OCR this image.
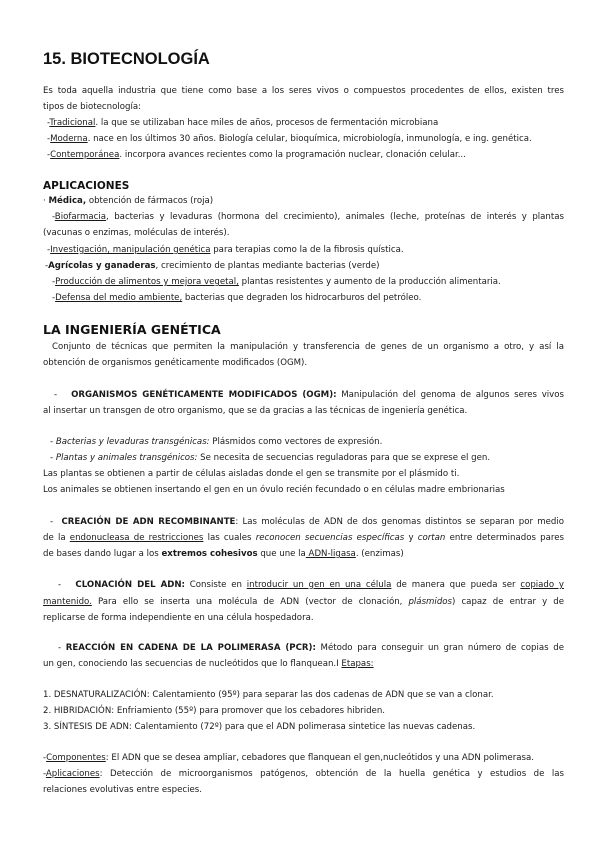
15. BIOTECNOLOGÍA
Es toda aquella industria que tiene como base a los seres vivos o compuestos procedentes de ellos, existen tres
tipos de biotecnología:
-Tradicional. la que se utilizaban hace miles de años, procesos de fermentación microbiana
-Moderna. nace en los últimos 30 años. Biología celular, bioquímica, microbiología, inmunología, e ing. genética.
-Contemporánea. incorpora avances recientes como la programación nuclear, clonación celular...
APLICACIONES
· Médica, obtención de fármacos (roja)
-Biofarmacia, bacterias y levaduras (hormona del crecimiento), animales (leche, proteínas de interés y plantas
(vacunas o enzimas, moléculas de interés).
-Investigación, manipulación genética para terapias como la de la fibrosis quística.
-Agrícolas y ganaderas, crecimiento de plantas mediante bacterias (verde)
-Producción de alimentos y mejora vegetal, plantas resistentes y aumento de la producción alimentaria.
-Defensa del medio ambiente, bacterias que degraden los hidrocarburos del petróleo.
LA INGENIERÍA GENÉTICA
Conjunto de técnicas que permiten la manipulación y transferencia de genes de un organismo a otro, y así la
obtención de organismos genéticamente modificados (OGM).
- ORGANISMOS GENÉTICAMENTE MODIFICADOS (OGM): Manipulación del genoma de algunos seres vivos
al insertar un transgen de otro organismo, que se da gracias a las técnicas de ingeniería genética.
- Bacterias y levaduras transgénicas: Plásmidos como vectores de expresión.
- Plantas y animales transgénicos: Se necesita de secuencias reguladoras para que se exprese el gen.
Las plantas se obtienen a partir de células aisladas donde el gen se transmite por el plásmido ti.
Los animales se obtienen insertando el gen en un óvulo recién fecundado o en células madre embrionarias
- CREACIÓN DE ADN RECOMBINANTE: Las moléculas de ADN de dos genomas distintos se separan por medio
de la endonucleasa de restricciones las cuales reconocen secuencias específicas y cortan entre determinados pares
de bases dando lugar a los extremos cohesivos que une la ADN-ligasa. (enzimas)
- CLONACIÓN DEL ADN: Consiste en introducir un gen en una célula de manera que pueda ser copiado y
mantenido. Para ello se inserta una molécula de ADN (vector de clonación, plásmidos) capaz de entrar y de
replicarse de forma independiente en una célula hospedadora.
- REACCIÓN EN CADENA DE LA POLIMERASA (PCR): Método para conseguir un gran número de copias de
un gen, conociendo las secuencias de nucleótidos que lo flanquean.I Etapas:
1. DESNATURALIZACIÓN: Calentamiento (95º) para separar las dos cadenas de ADN que se van a clonar.
2. HIBRIDACIÓN: Enfriamiento (55º) para promover que los cebadores hibriden.
3. SÍNTESIS DE ADN: Calentamiento (72º) para que el ADN polimerasa sintetice las nuevas cadenas.
-Componentes: El ADN que se desea ampliar, cebadores que flanquean el gen,nucleótidos y una ADN polimerasa.
-Aplicaciones: Detección de microorganismos patógenos, obtención de la huella genética y estudios de las
relaciones evolutivas entre especies.
